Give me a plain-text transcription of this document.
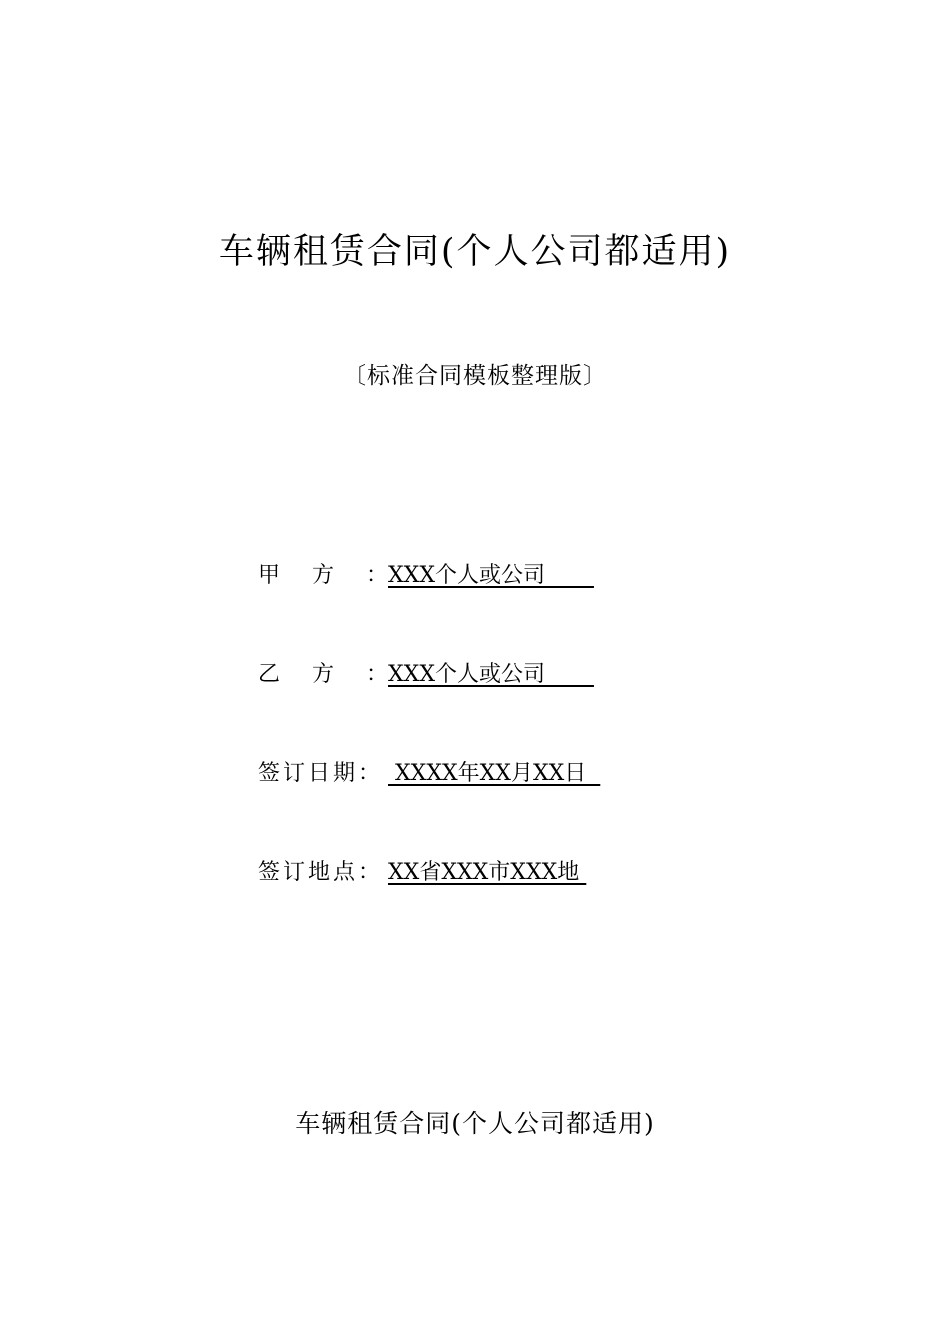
车辆租赁合同(个人公司都适用)
〔标准合同模板整理版〕
甲方：XXX个人或公司
乙方：XXX个人或公司
签订日期： XXXX年XX月XX日
签订地点： XX省XXX市XXX地
车辆租赁合同(个人公司都适用)
